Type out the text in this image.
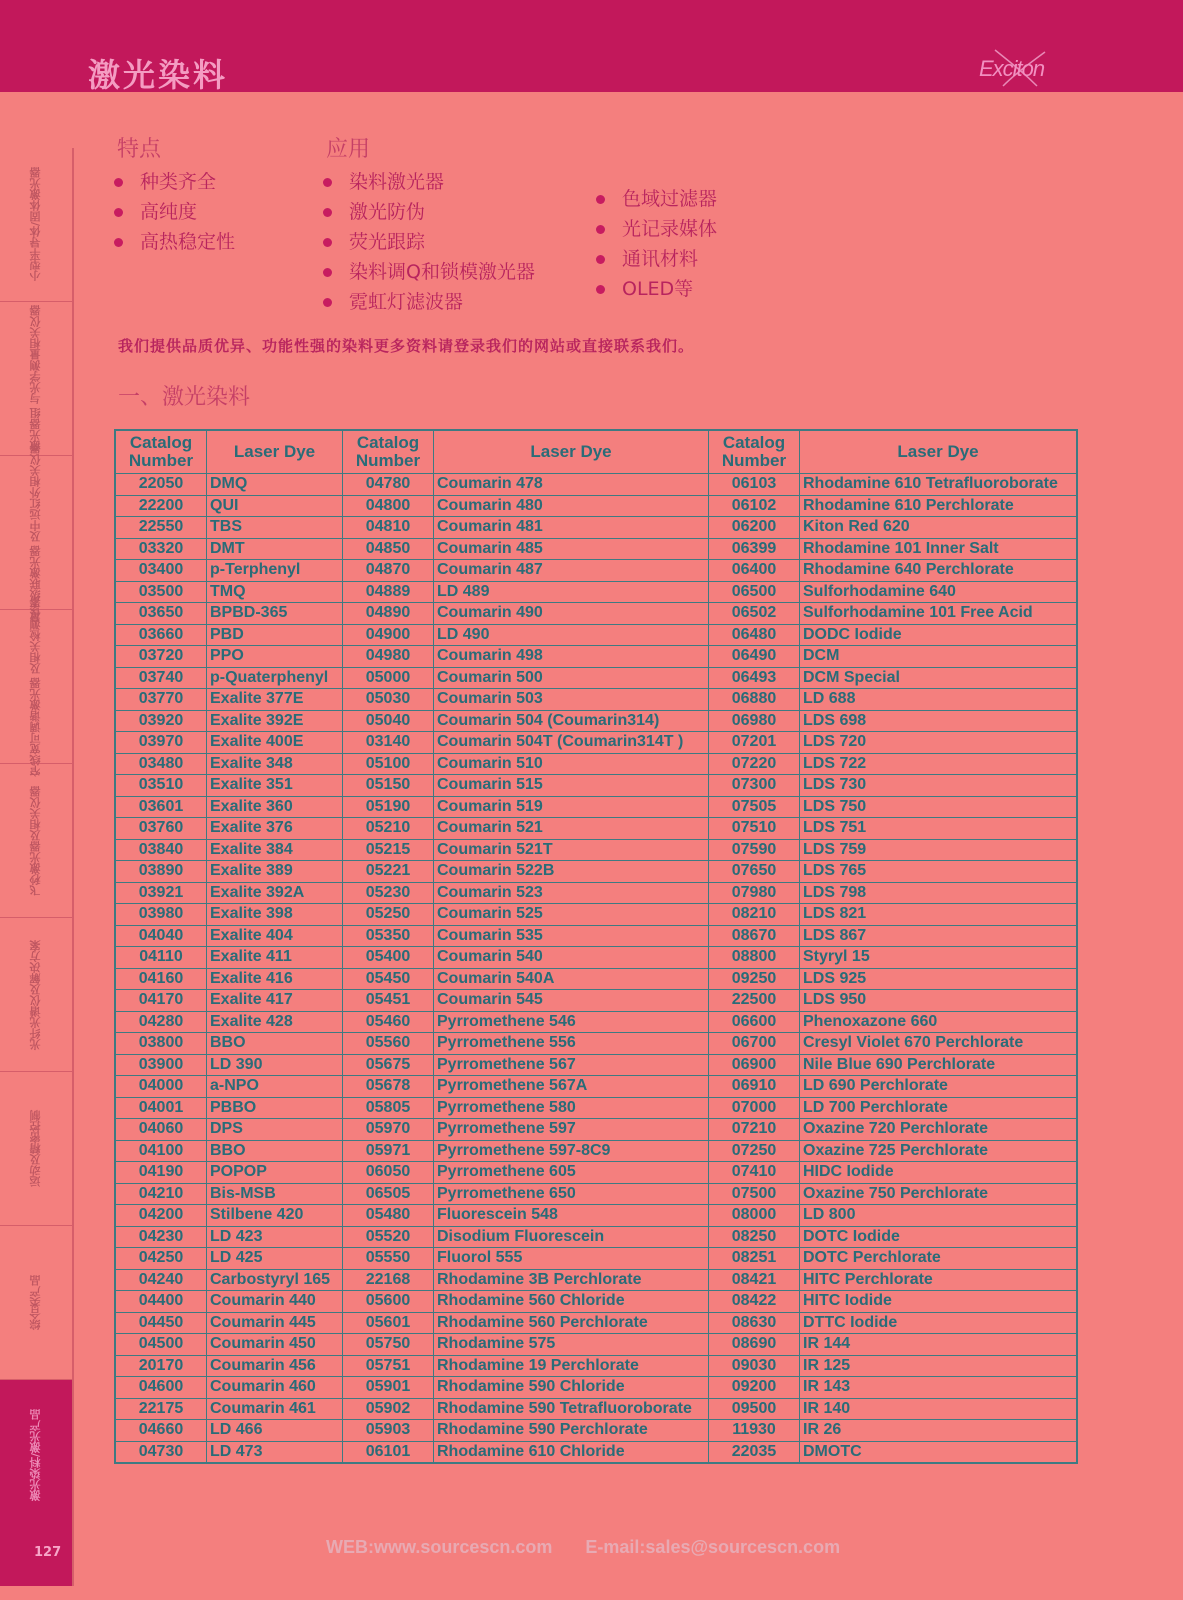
激光染料	Exciton
小型半导体/固体激光器
激光器组 与光学测量相关仪器
量子级联激光器 及中远红外相关仪器
窄线宽可调谐激光器 及相关检测仪器
飞秒激光器及相关仪器
光纤光谱仪及解决方案
运动及精密控制
综合类产品
激光染料/激光产品
127
特点
种类齐全
高纯度
高热稳定性
应用
染料激光器
激光防伪
荧光跟踪
染料调Q和锁模激光器
霓虹灯滤波器
色域过滤器
光记录媒体
通讯材料
OLED等

我们提供品质优异、功能性强的染料更多资料请登录我们的网站或直接联系我们。

一、激光染料
Catalog
Number	Laser Dye	Catalog
Number	Laser Dye	Catalog
Number	Laser Dye
22050	DMQ	04780	Coumarin 478	06103	Rhodamine 610 Tetrafluoroborate
22200	QUI	04800	Coumarin 480	06102	Rhodamine 610 Perchlorate
22550	TBS	04810	Coumarin 481	06200	Kiton Red 620
03320	DMT	04850	Coumarin 485	06399	Rhodamine 101 Inner Salt
03400	p-Terphenyl	04870	Coumarin 487	06400	Rhodamine 640 Perchlorate
03500	TMQ	04889	LD 489	06500	Sulforhodamine 640
03650	BPBD-365	04890	Coumarin 490	06502	Sulforhodamine 101 Free Acid
03660	PBD	04900	LD 490	06480	DODC Iodide
03720	PPO	04980	Coumarin 498	06490	DCM
03740	p-Quaterphenyl	05000	Coumarin 500	06493	DCM Special
03770	Exalite 377E	05030	Coumarin 503	06880	LD 688
03920	Exalite 392E	05040	Coumarin 504 (Coumarin314)	06980	LDS 698
03970	Exalite 400E	03140	Coumarin 504T (Coumarin314T )	07201	LDS 720
03480	Exalite 348	05100	Coumarin 510	07220	LDS 722
03510	Exalite 351	05150	Coumarin 515	07300	LDS 730
03601	Exalite 360	05190	Coumarin 519	07505	LDS 750
03760	Exalite 376	05210	Coumarin 521	07510	LDS 751
03840	Exalite 384	05215	Coumarin 521T	07590	LDS 759
03890	Exalite 389	05221	Coumarin 522B	07650	LDS 765
03921	Exalite 392A	05230	Coumarin 523	07980	LDS 798
03980	Exalite 398	05250	Coumarin 525	08210	LDS 821
04040	Exalite 404	05350	Coumarin 535	08670	LDS 867
04110	Exalite 411	05400	Coumarin 540	08800	Styryl 15
04160	Exalite 416	05450	Coumarin 540A	09250	LDS 925
04170	Exalite 417	05451	Coumarin 545	22500	LDS 950
04280	Exalite 428	05460	Pyrromethene 546	06600	Phenoxazone 660
03800	BBO	05560	Pyrromethene 556	06700	Cresyl Violet 670 Perchlorate
03900	LD 390	05675	Pyrromethene 567	06900	Nile Blue 690 Perchlorate
04000	a-NPO	05678	Pyrromethene 567A	06910	LD 690 Perchlorate
04001	PBBO	05805	Pyrromethene 580	07000	LD 700 Perchlorate
04060	DPS	05970	Pyrromethene 597	07210	Oxazine 720 Perchlorate
04100	BBO	05971	Pyrromethene 597-8C9	07250	Oxazine 725 Perchlorate
04190	POPOP	06050	Pyrromethene 605	07410	HIDC Iodide
04210	Bis-MSB	06505	Pyrromethene 650	07500	Oxazine 750 Perchlorate
04200	Stilbene 420	05480	Fluorescein 548	08000	LD 800
04230	LD 423	05520	Disodium Fluorescein	08250	DOTC Iodide
04250	LD 425	05550	Fluorol 555	08251	DOTC Perchlorate
04240	Carbostyryl 165	22168	Rhodamine 3B Perchlorate	08421	HITC Perchlorate
04400	Coumarin 440	05600	Rhodamine 560 Chloride	08422	HITC Iodide
04450	Coumarin 445	05601	Rhodamine 560 Perchlorate	08630	DTTC Iodide
04500	Coumarin 450	05750	Rhodamine 575	08690	IR 144
20170	Coumarin 456	05751	Rhodamine 19 Perchlorate	09030	IR 125
04600	Coumarin 460	05901	Rhodamine 590 Chloride	09200	IR 143
22175	Coumarin 461	05902	Rhodamine 590 Tetrafluoroborate	09500	IR 140
04660	LD 466	05903	Rhodamine 590 Perchlorate	11930	IR 26
04730	LD 473	06101	Rhodamine 610 Chloride	22035	DMOTC
WEB:www.sourcescn.com E-mail:sales@sourcescn.com
